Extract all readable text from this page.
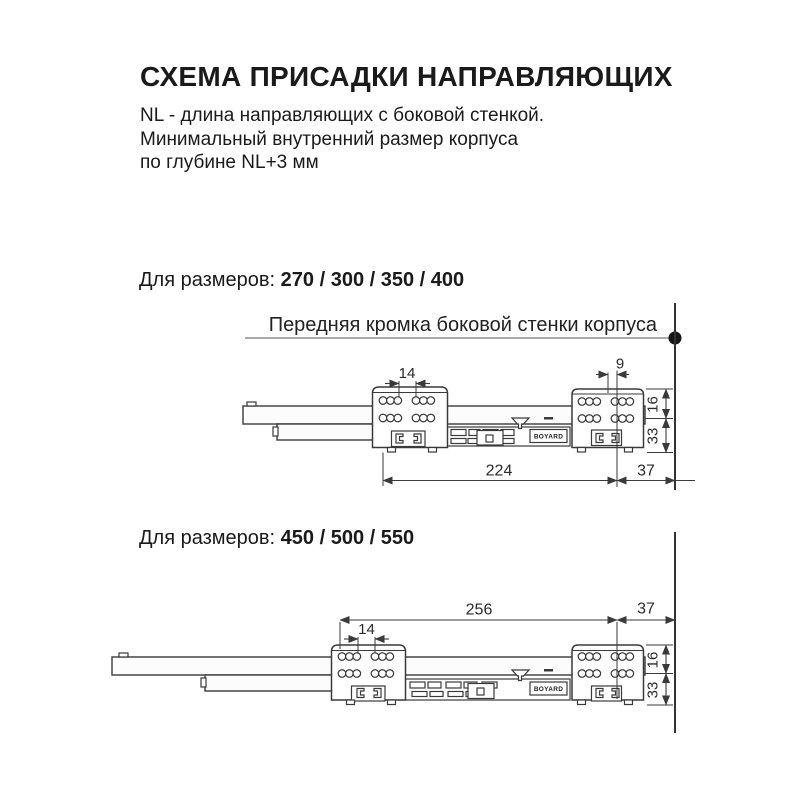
СХЕМА ПРИСАДКИ НАПРАВЛЯЮЩИХ
NL - длина направляющих с боковой стенкой.
Минимальный внутренний размер корпуса
по глубине NL+3 мм
Для размеров: 270 / 300 / 350 / 400
Для размеров: 450 / 500 / 550
Передняя кромка боковой стенки корпуса
BOYARD
14
9
16
33
224	37
BOYARD
256	37
14
16
33
